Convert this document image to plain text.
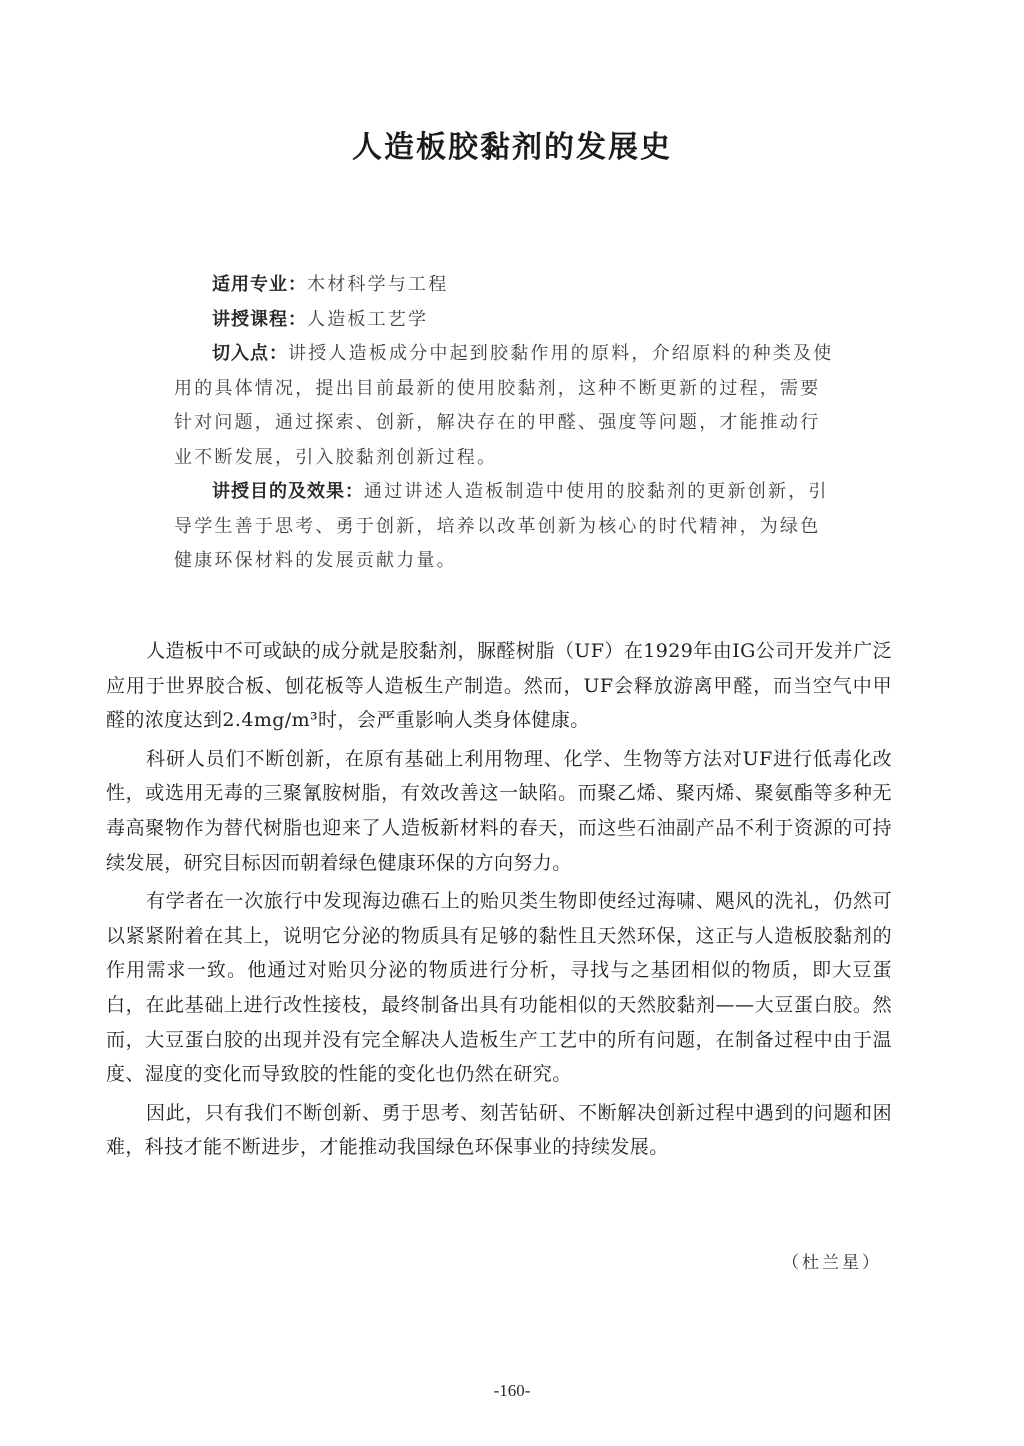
人造板胶黏剂的发展史

适用专业：木材科学与工程

讲授课程：人造板工艺学

切入点：讲授人造板成分中起到胶黏作用的原料，介绍原料的种类及使用的具体情况，提出目前最新的使用胶黏剂，这种不断更新的过程，需要针对问题，通过探索、创新，解决存在的甲醛、强度等问题，才能推动行业不断发展，引入胶黏剂创新过程。

讲授目的及效果：通过讲述人造板制造中使用的胶黏剂的更新创新，引导学生善于思考、勇于创新，培养以改革创新为核心的时代精神，为绿色健康环保材料的发展贡献力量。

人造板中不可或缺的成分就是胶黏剂，脲醛树脂（UF）在1929年由IG公司开发并广泛应用于世界胶合板、刨花板等人造板生产制造。然而，UF会释放游离甲醛，而当空气中甲醛的浓度达到2.4mg/m³时，会严重影响人类身体健康。

科研人员们不断创新，在原有基础上利用物理、化学、生物等方法对UF进行低毒化改性，或选用无毒的三聚氰胺树脂，有效改善这一缺陷。而聚乙烯、聚丙烯、聚氨酯等多种无毒高聚物作为替代树脂也迎来了人造板新材料的春天，而这些石油副产品不利于资源的可持续发展，研究目标因而朝着绿色健康环保的方向努力。

有学者在一次旅行中发现海边礁石上的贻贝类生物即使经过海啸、飓风的洗礼，仍然可以紧紧附着在其上，说明它分泌的物质具有足够的黏性且天然环保，这正与人造板胶黏剂的作用需求一致。他通过对贻贝分泌的物质进行分析，寻找与之基团相似的物质，即大豆蛋白，在此基础上进行改性接枝，最终制备出具有功能相似的天然胶黏剂——大豆蛋白胶。然而，大豆蛋白胶的出现并没有完全解决人造板生产工艺中的所有问题，在制备过程中由于温度、湿度的变化而导致胶的性能的变化也仍然在研究。

因此，只有我们不断创新、勇于思考、刻苦钻研、不断解决创新过程中遇到的问题和困难，科技才能不断进步，才能推动我国绿色环保事业的持续发展。

（杜兰星）
-160-
